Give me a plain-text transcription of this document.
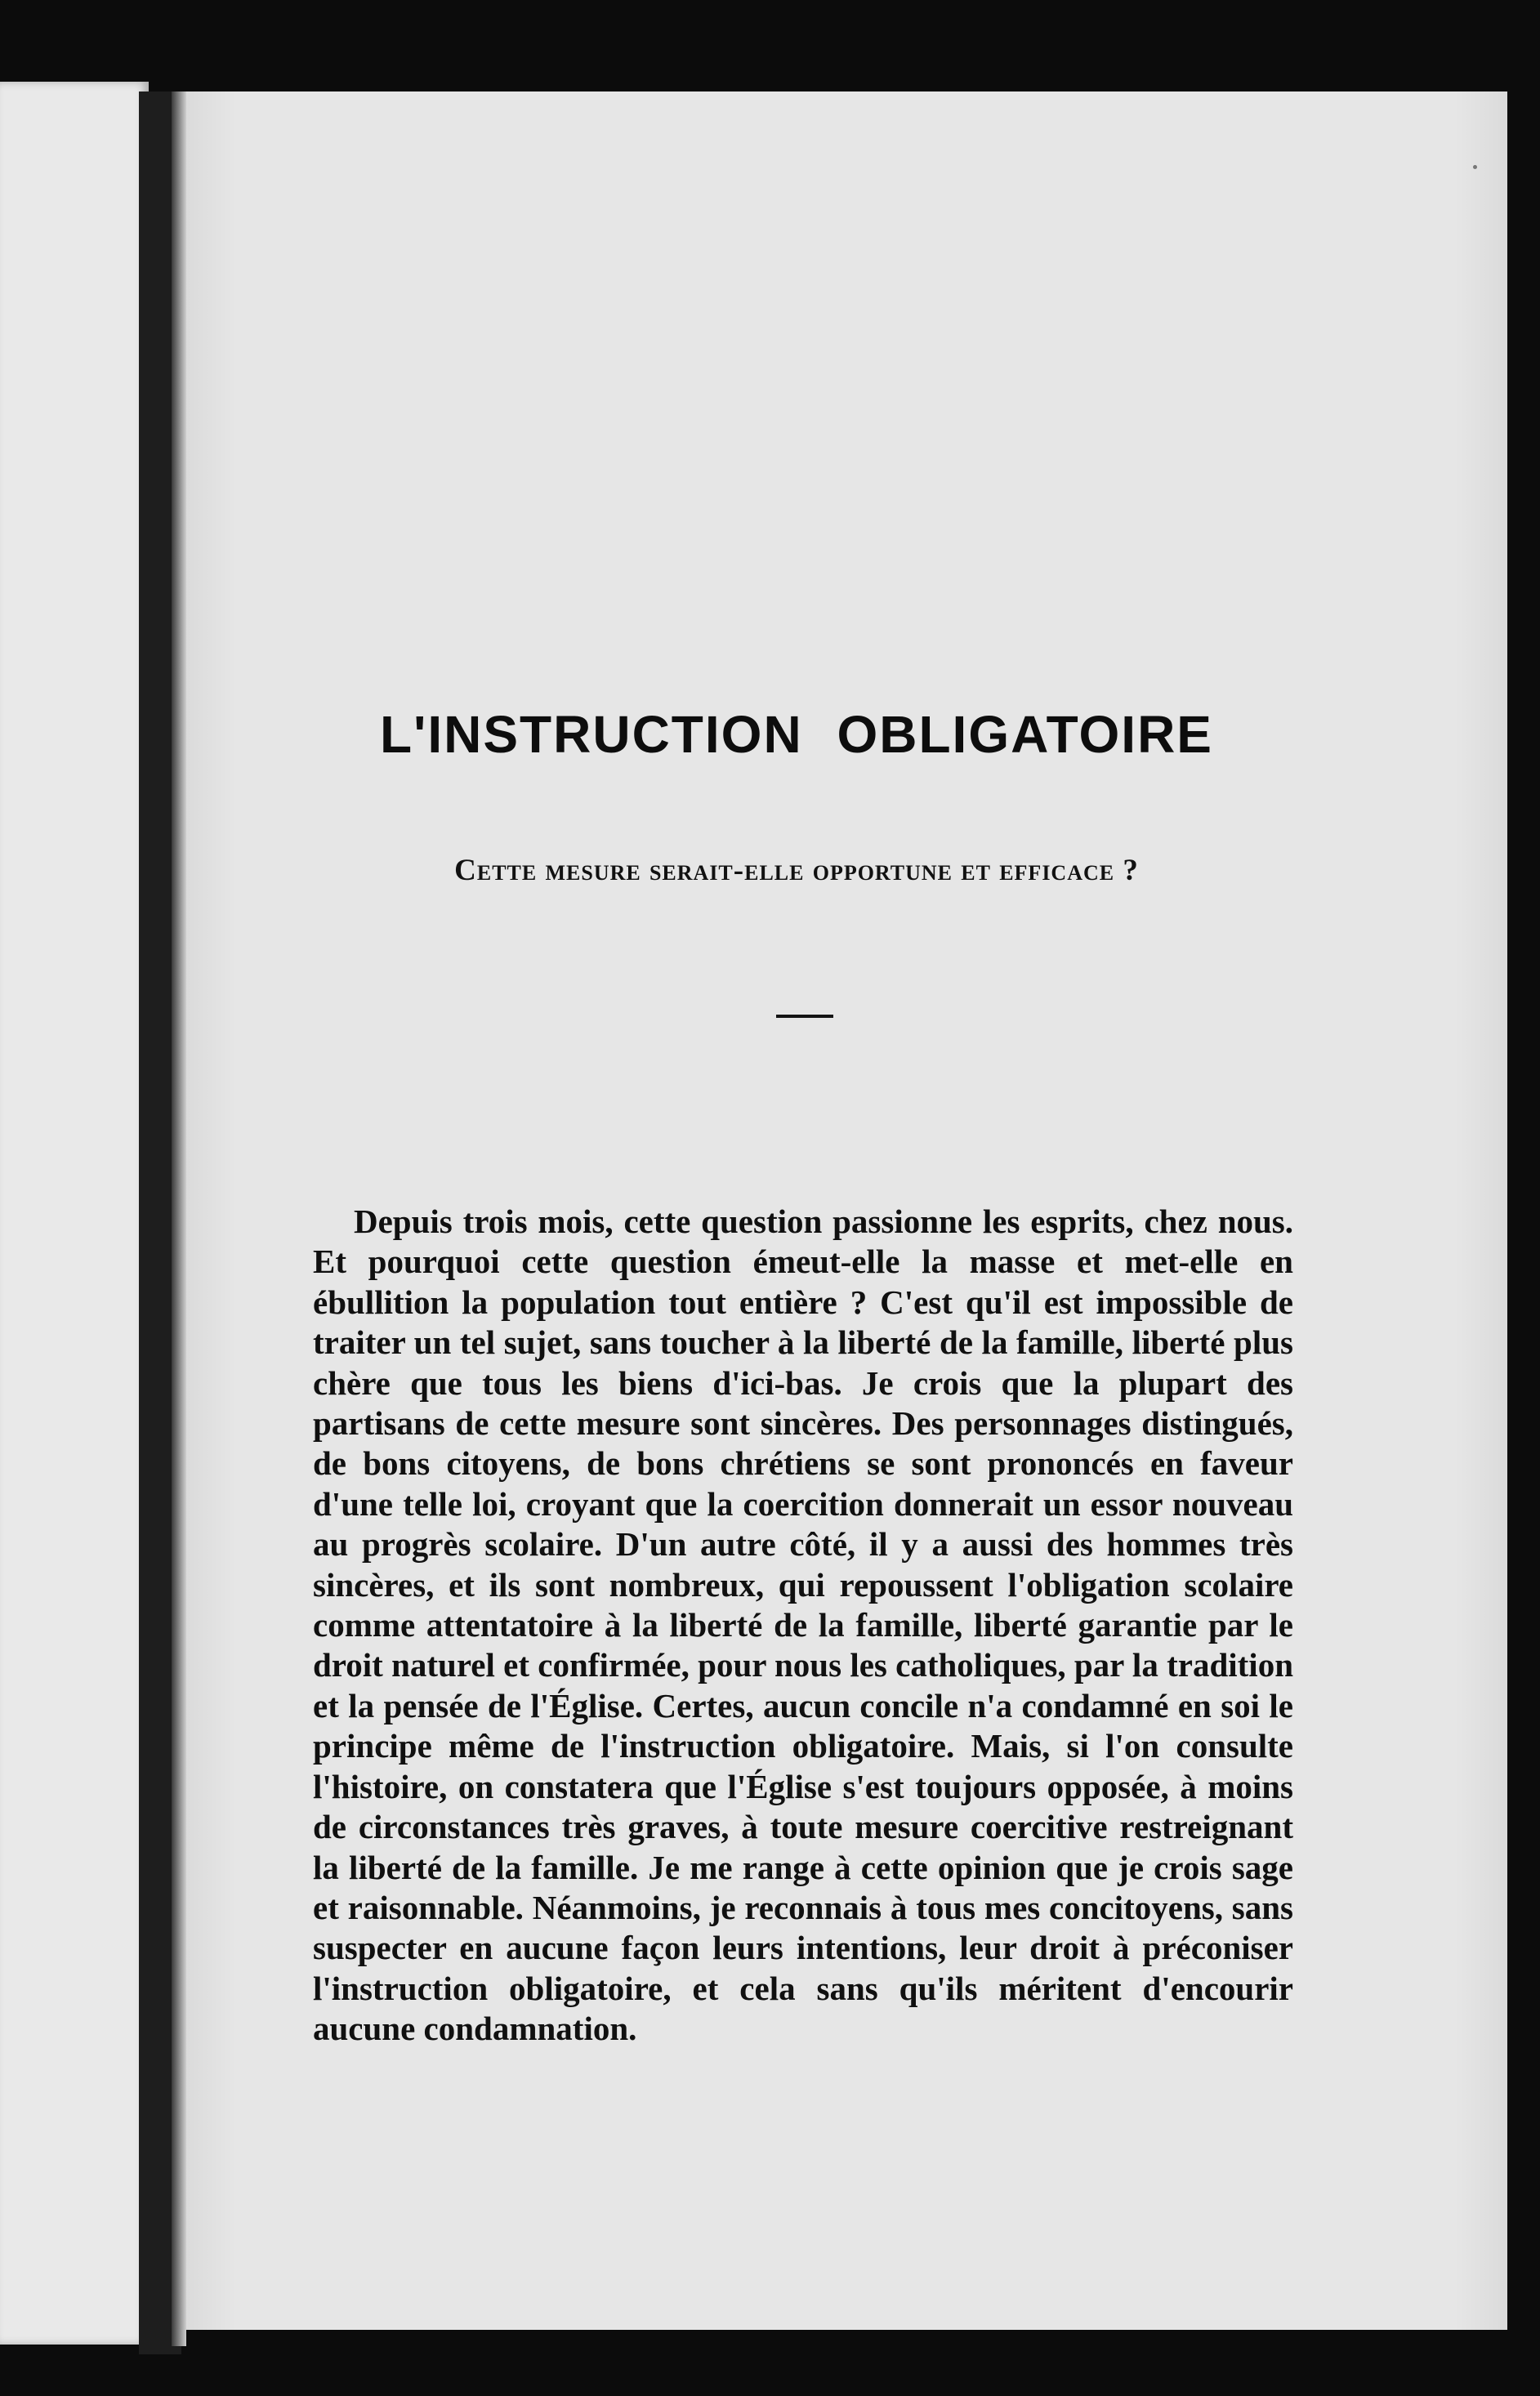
L'INSTRUCTION OBLIGATOIRE
Cette mesure serait-elle opportune et efficace ?

Depuis trois mois, cette question passionne les esprits, chez nous. Et pourquoi cette question émeut-elle la masse et met-elle en ébullition la population tout entière ? C'est qu'il est impossible de traiter un tel sujet, sans toucher à la liberté de la famille, liberté plus chère que tous les biens d'ici-bas. Je crois que la plupart des partisans de cette mesure sont sincères. Des personnages distingués, de bons citoyens, de bons chrétiens se sont prononcés en faveur d'une telle loi, croyant que la coercition donnerait un essor nouveau au progrès scolaire. D'un autre côté, il y a aussi des hommes très sincères, et ils sont nombreux, qui repoussent l'obligation scolaire comme attentatoire à la liberté de la famille, liberté garantie par le droit naturel et confirmée, pour nous les catholiques, par la tradition et la pensée de l'Église. Certes, aucun concile n'a condamné en soi le principe même de l'instruction obligatoire. Mais, si l'on consulte l'histoire, on constatera que l'Église s'est toujours opposée, à moins de circonstances très graves, à toute mesure coercitive restreignant la liberté de la famille. Je me range à cette opinion que je crois sage et raisonnable. Néanmoins, je reconnais à tous mes concitoyens, sans suspecter en aucune façon leurs intentions, leur droit à préconiser l'instruction obligatoire, et cela sans qu'ils méritent d'encourir aucune condamnation.
